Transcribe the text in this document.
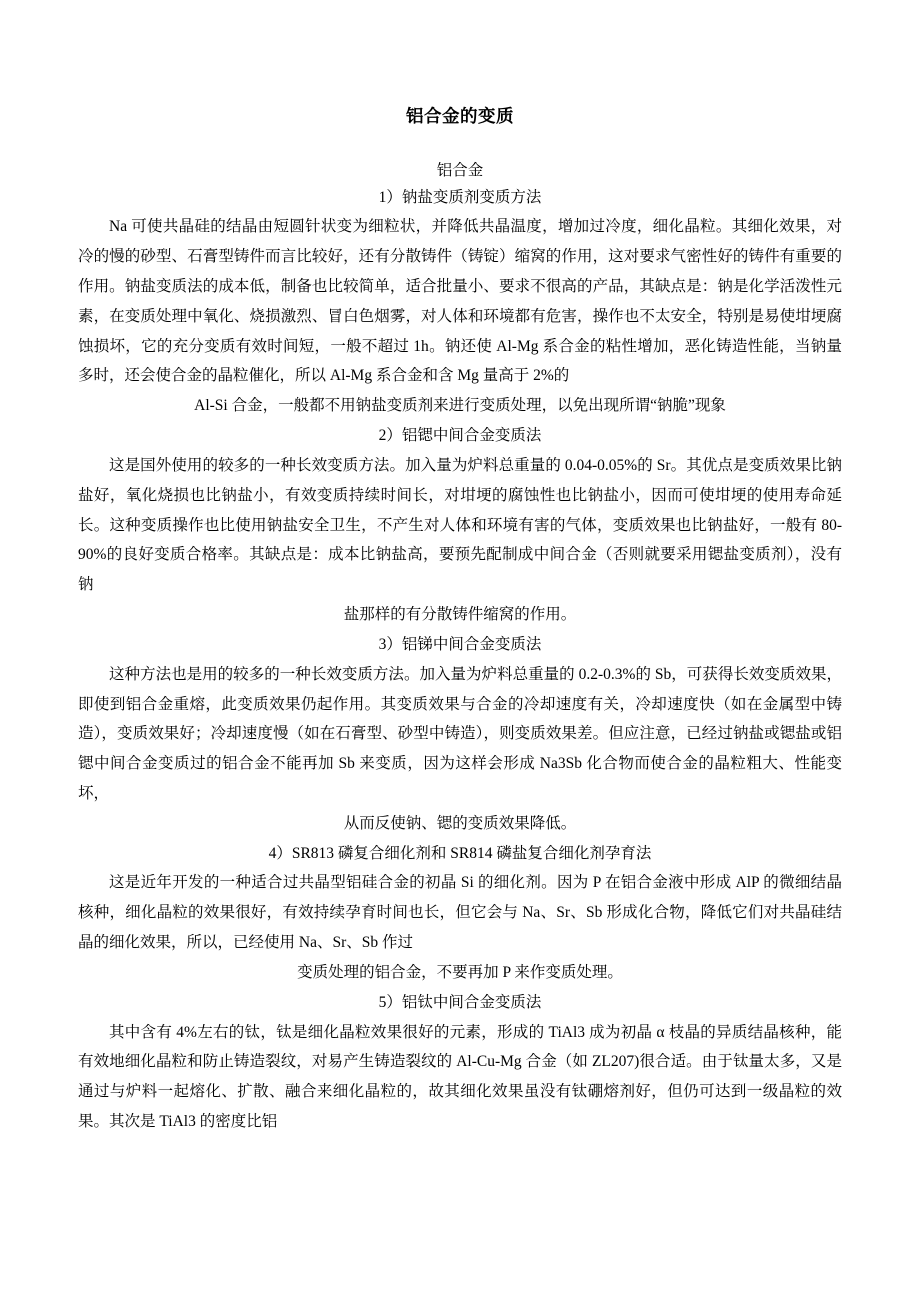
铝合金的变质
铝合金
1）钠盐变质剂变质方法

Na 可使共晶硅的结晶由短圆针状变为细粒状，并降低共晶温度，增加过冷度，细化晶粒。其细化效果，对冷的慢的砂型、石膏型铸件而言比较好，还有分散铸件（铸锭）缩窝的作用，这对要求气密性好的铸件有重要的作用。钠盐变质法的成本低，制备也比较简单，适合批量小、要求不很高的产品，其缺点是：钠是化学活泼性元素，在变质处理中氧化、烧损激烈、冒白色烟雾，对人体和环境都有危害，操作也不太安全，特别是易使坩埂腐蚀损坏，它的充分变质有效时间短，一般不超过 1h。钠还使 Al-Mg 系合金的粘性增加，恶化铸造性能，当钠量多时，还会使合金的晶粒催化，所以 Al-Mg 系合金和含 Mg 量高于 2%的
Al-Si 合金，一般都不用钠盐变质剂来进行变质处理，以免出现所谓“钠脆”现象

2）铝锶中间合金变质法

这是国外使用的较多的一种长效变质方法。加入量为炉料总重量的 0.04-0.05%的 Sr。其优点是变质效果比钠盐好，氧化烧损也比钠盐小，有效变质持续时间长，对坩埂的腐蚀性也比钠盐小，因而可使坩埂的使用寿命延长。这种变质操作也比使用钠盐安全卫生，不产生对人体和环境有害的气体，变质效果也比钠盐好，一般有 80-90%的良好变质合格率。其缺点是：成本比钠盐高，要预先配制成中间合金（否则就要采用锶盐变质剂），没有钠
盐那样的有分散铸件缩窝的作用。

3）铝锑中间合金变质法

这种方法也是用的较多的一种长效变质方法。加入量为炉料总重量的 0.2-0.3%的 Sb，可获得长效变质效果，即使到铝合金重熔，此变质效果仍起作用。其变质效果与合金的冷却速度有关，冷却速度快（如在金属型中铸造），变质效果好；冷却速度慢（如在石膏型、砂型中铸造），则变质效果差。但应注意，已经过钠盐或锶盐或铝锶中间合金变质过的铝合金不能再加 Sb 来变质，因为这样会形成 Na3Sb 化合物而使合金的晶粒粗大、性能变坏，
从而反使钠、锶的变质效果降低。

4）SR813 磷复合细化剂和 SR814 磷盐复合细化剂孕育法

这是近年开发的一种适合过共晶型铝硅合金的初晶 Si 的细化剂。因为 P 在铝合金液中形成 AlP 的微细结晶核种，细化晶粒的效果很好，有效持续孕育时间也长，但它会与 Na、Sr、Sb 形成化合物，降低它们对共晶硅结晶的细化效果，所以，已经使用 Na、Sr、Sb 作过
变质处理的铝合金，不要再加 P 来作变质处理。

5）铝钛中间合金变质法

其中含有 4%左右的钛，钛是细化晶粒效果很好的元素，形成的 TiAl3 成为初晶 α 枝晶的异质结晶核种，能有效地细化晶粒和防止铸造裂纹，对易产生铸造裂纹的 Al-Cu-Mg 合金（如 ZL207)很合适。由于钛量太多，又是通过与炉料一起熔化、扩散、融合来细化晶粒的，故其细化效果虽没有钛硼熔剂好，但仍可达到一级晶粒的效果。其次是 TiAl3 的密度比铝
